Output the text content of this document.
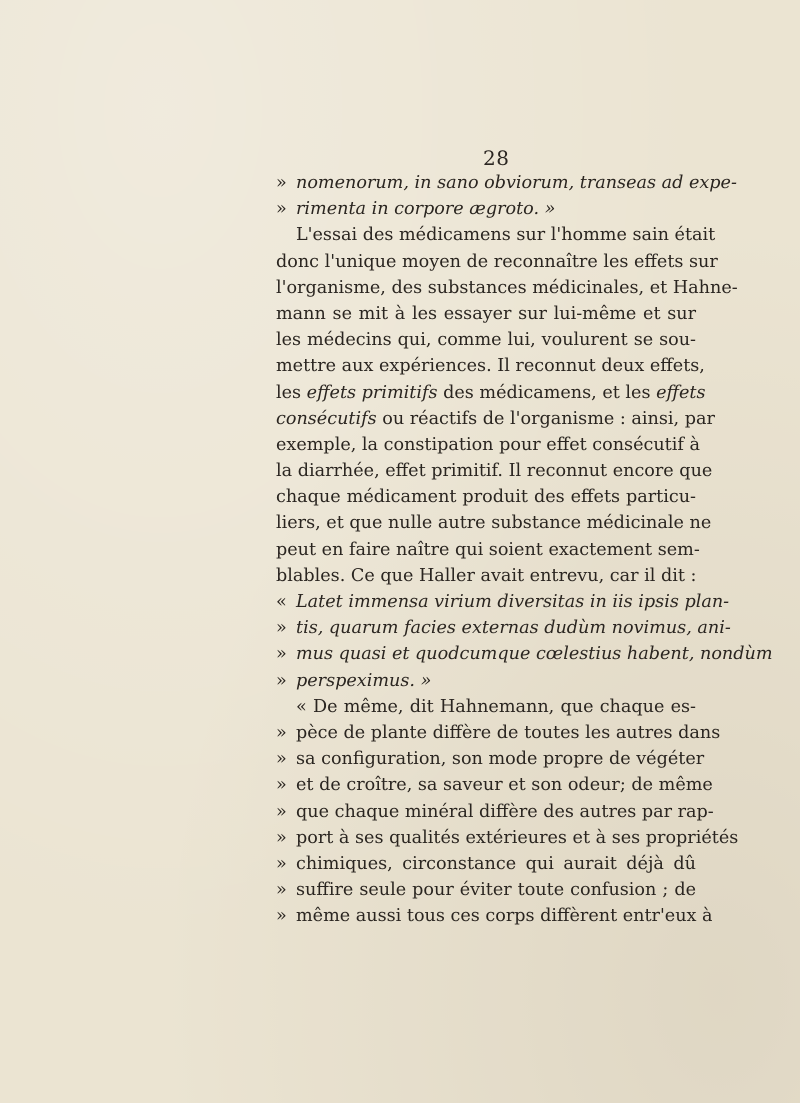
28
» nomenorum, in sano obviorum, transeas ad expe-
» rimenta in corpore ægroto. »
L'essai des médicamens sur l'homme sain était
donc l'unique moyen de reconnaître les effets sur
l'organisme, des substances médicinales, et Hahne-
mann se mit à les essayer sur lui-même et sur
les médecins qui, comme lui, voulurent se sou-
mettre aux expériences. Il reconnut deux effets,
les effets primitifs des médicamens, et les effets
consécutifs ou réactifs de l'organisme : ainsi, par
exemple, la constipation pour effet consécutif à
la diarrhée, effet primitif. Il reconnut encore que
chaque médicament produit des effets particu-
liers, et que nulle autre substance médicinale ne
peut en faire naître qui soient exactement sem-
blables. Ce que Haller avait entrevu, car il dit :
« Latet immensa virium diversitas in iis ipsis plan-
» tis, quarum facies externas dudùm novimus, ani-
» mus quasi et quodcumque cœlestius habent, nondùm
» perspeximus. »
« De même, dit Hahnemann, que chaque es-
» pèce de plante diffère de toutes les autres dans
» sa configuration, son mode propre de végéter
» et de croître, sa saveur et son odeur; de même
» que chaque minéral diffère des autres par rap-
» port à ses qualités extérieures et à ses propriétés
» chimiques, circonstance qui aurait déjà dû
» suffire seule pour éviter toute confusion ; de
» même aussi tous ces corps diffèrent entr'eux à
